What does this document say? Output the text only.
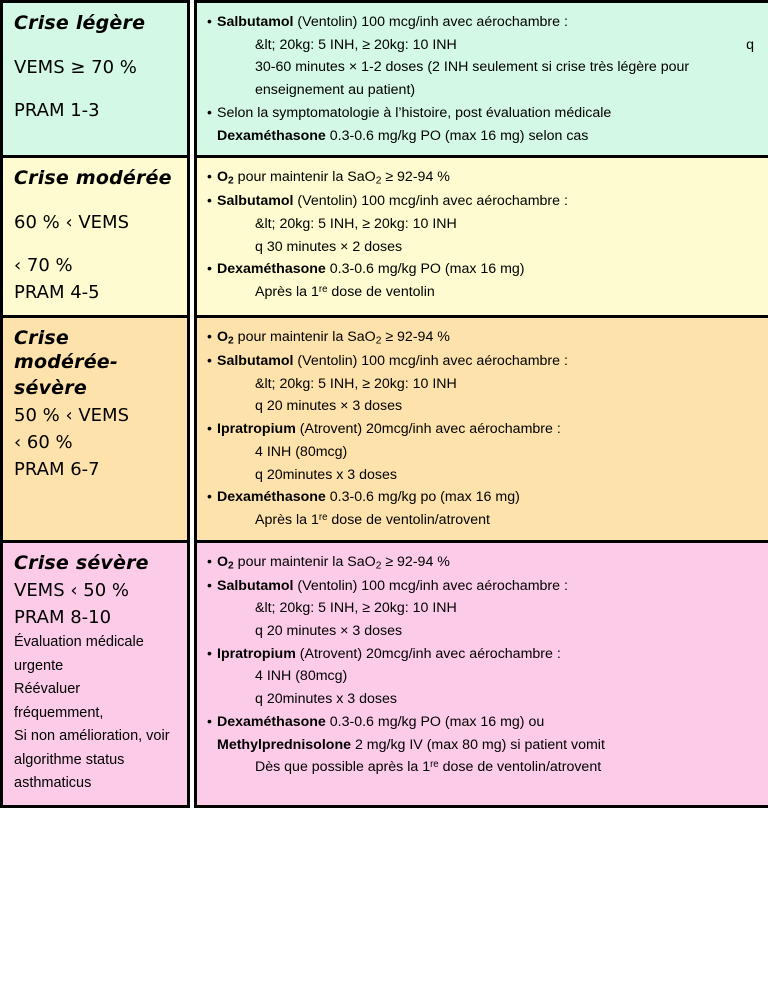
Crise légère
VEMS ≥ 70 %
PRAM 1-3
• Salbutamol (Ventolin) 100 mcg/inh avec aérochambre :
&lt; 20kg: 5 INH, ≥ 20kg: 10 INH	q
30-60 minutes × 1-2 doses (2 INH seulement si crise très légère pour
enseignement au patient)
• Selon la symptomatologie à l’histoire, post évaluation médicale
Dexaméthasone 0.3-0.6 mg/kg PO (max 16 mg) selon cas
Crise modérée
60 % ‹ VEMS
‹ 70 %
PRAM 4-5
• $O_2$ pour maintenir la SaO$_2$ ≥ 92-94 %
• Salbutamol (Ventolin) 100 mcg/inh avec aérochambre :
&lt; 20kg: 5 INH, ≥ 20kg: 10 INH
q 30 minutes × 2 doses
• Dexaméthasone 0.3-0.6 mg/kg PO (max 16 mg)
Après la 1re dose de ventolin
Crise modérée-
sévère
50 % ‹ VEMS
‹ 60 %
PRAM 6-7
• $O_2$ pour maintenir la SaO$_2$ ≥ 92-94 %
• Salbutamol (Ventolin) 100 mcg/inh avec aérochambre :
&lt; 20kg: 5 INH, ≥ 20kg: 10 INH
q 20 minutes × 3 doses
• Ipratropium (Atrovent) 20mcg/inh avec aérochambre :
4 INH (80mcg)
q 20minutes x 3 doses
• Dexaméthasone 0.3-0.6 mg/kg po (max 16 mg)
Après la 1re dose de ventolin/atrovent
Crise sévère
VEMS ‹ 50 %
PRAM 8-10
Évaluation médicale
urgente
Réévaluer
fréquemment,
Si non amélioration, voir
algorithme status
asthmaticus
• $O_2$ pour maintenir la SaO$_2$ ≥ 92-94 %
• Salbutamol (Ventolin) 100 mcg/inh avec aérochambre :
&lt; 20kg: 5 INH, ≥ 20kg: 10 INH
q 20 minutes × 3 doses
• Ipratropium (Atrovent) 20mcg/inh avec aérochambre :
4 INH (80mcg)
q 20minutes x 3 doses
• Dexaméthasone 0.3-0.6 mg/kg PO (max 16 mg) ou
Methylprednisolone 2 mg/kg IV (max 80 mg) si patient vomit
Dès que possible après la 1re dose de ventolin/atrovent
